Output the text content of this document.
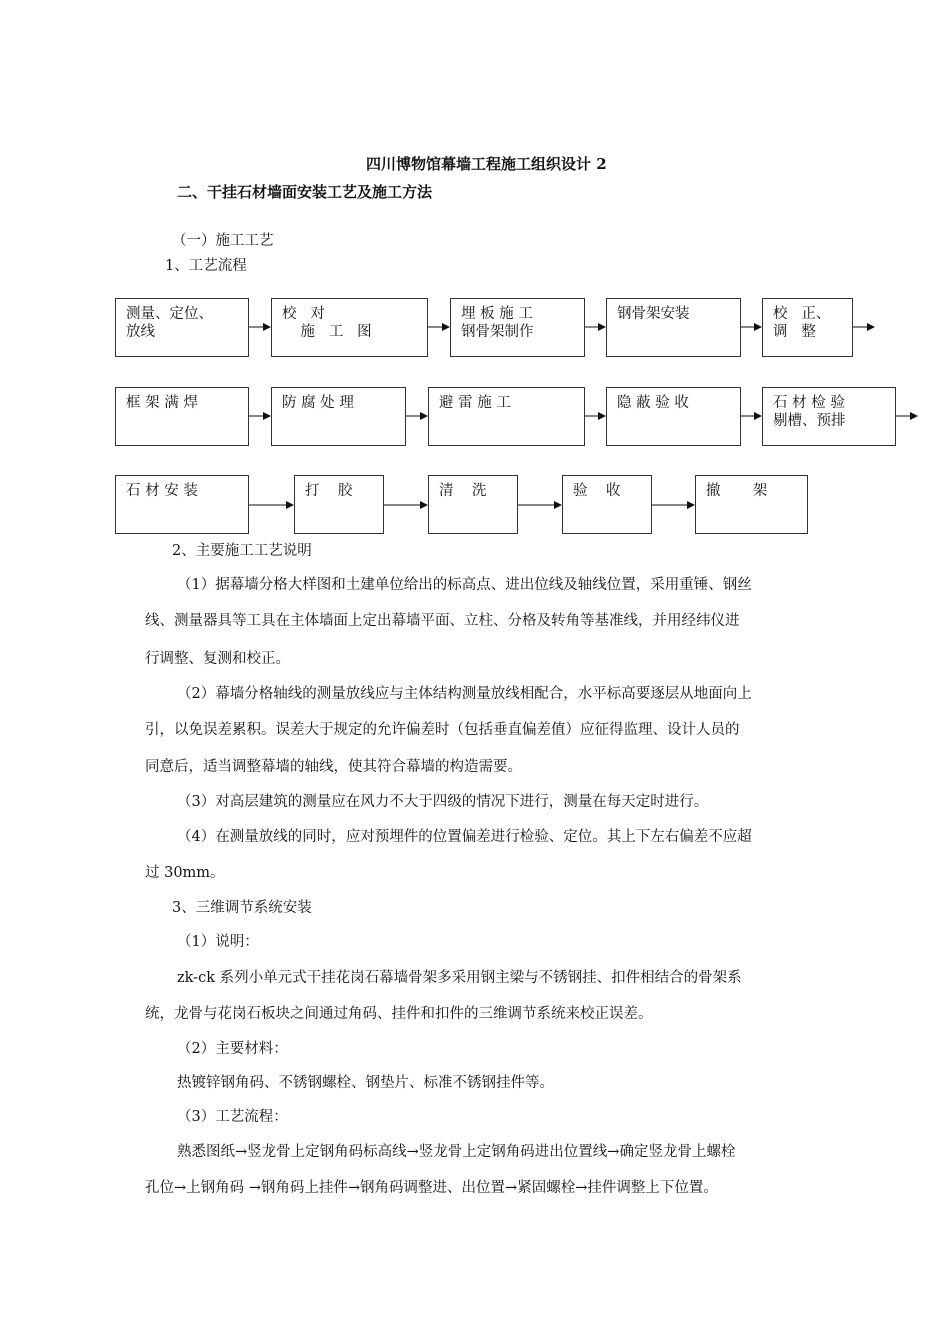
四川博物馆幕墙工程施工组织设计 2
二、干挂石材墙面安装工艺及施工方法
（一）施工工艺
1、工艺流程
测量、定位、
放线
校   对
施   工   图
埋 板 施 工
钢骨架制作
钢骨架安装	校   正、
调   整
框 架 满 焊	防 腐 处 理	避 雷 施 工	隐 蔽 验 收	石 材 检 验
剔槽、预排
石 材 安 装	打    胶	清    洗	验    收	撤       架
2、主要施工工艺说明
（1）据幕墙分格大样图和土建单位给出的标高点、进出位线及轴线位置，采用重锤、钢丝
线、测量器具等工具在主体墙面上定出幕墙平面、立柱、分格及转角等基准线，并用经纬仪进
行调整、复测和校正。
（2）幕墙分格轴线的测量放线应与主体结构测量放线相配合，水平标高要逐层从地面向上
引，以免误差累积。误差大于规定的允许偏差时（包括垂直偏差值）应征得监理、设计人员的
同意后，适当调整幕墙的轴线，使其符合幕墙的构造需要。
（3）对高层建筑的测量应在风力不大于四级的情况下进行，测量在每天定时进行。
（4）在测量放线的同时，应对预埋件的位置偏差进行检验、定位。其上下左右偏差不应超
过 30mm。
3、三维调节系统安装
（1）说明：
zk-ck 系列小单元式干挂花岗石幕墙骨架多采用钢主梁与不锈钢挂、扣件相结合的骨架系
统，龙骨与花岗石板块之间通过角码、挂件和扣件的三维调节系统来校正误差。
（2）主要材料：
热镀锌钢角码、不锈钢螺栓、钢垫片、标准不锈钢挂件等。
（3）工艺流程：
熟悉图纸→竖龙骨上定钢角码标高线→竖龙骨上定钢角码进出位置线→确定竖龙骨上螺栓
孔位→上钢角码 →钢角码上挂件→钢角码调整进、出位置→紧固螺栓→挂件调整上下位置。
